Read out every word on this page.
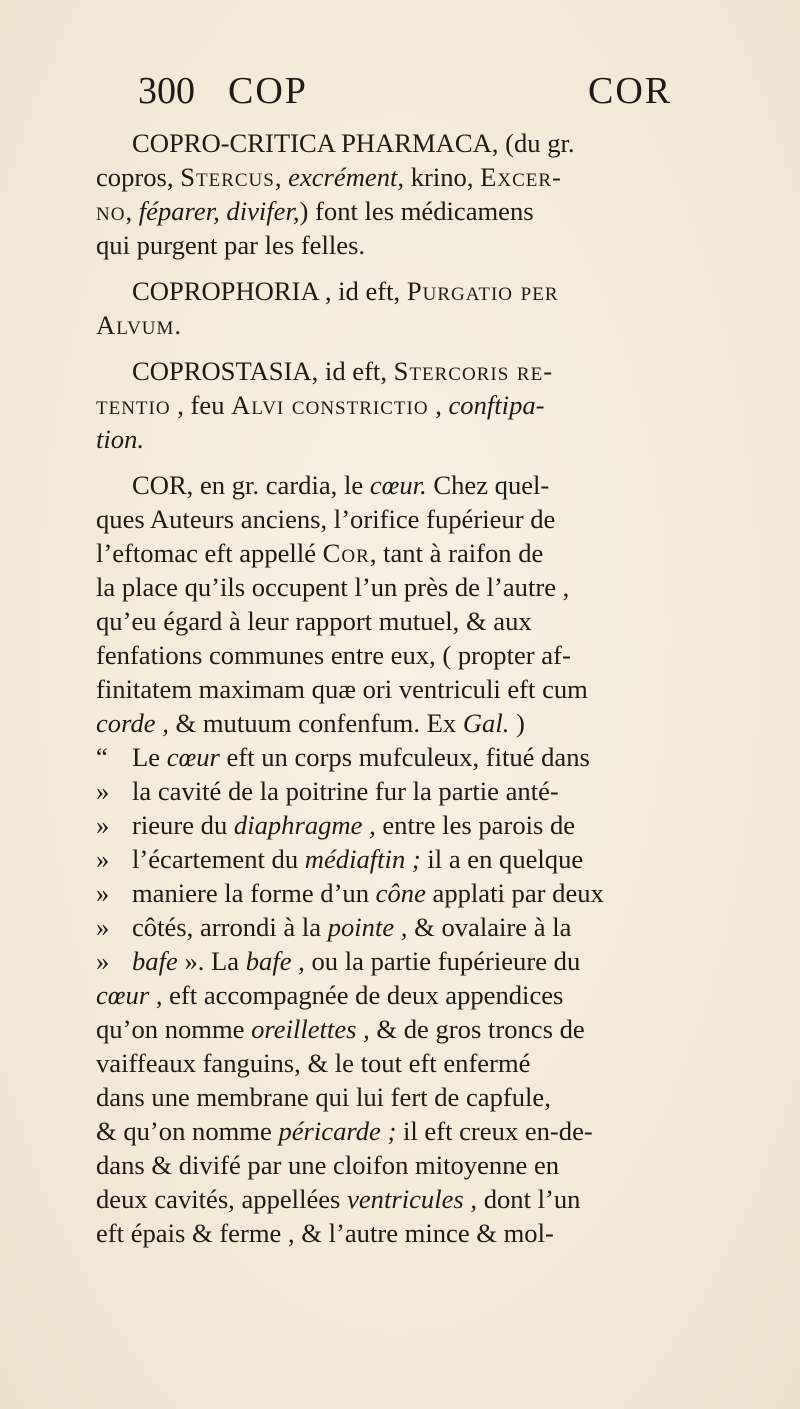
300 COP	COR
COPRO-CRITICA PHARMACA, (du gr.
copros, Stercus, excrément, krino, Excer-
no, féparer, divifer,) font les médicamens
qui purgent par les felles.
COPROPHORIA , id eft, Purgatio per
Alvum.
COPROSTASIA, id eft, Stercoris re-
tentio , feu Alvi constrictio , conftipa-
tion.
COR, en gr. cardia, le cœur. Chez quel-
ques Auteurs anciens, l’orifice fupérieur de
l’eftomac eft appellé Cor, tant à raifon de
la place qu’ils occupent l’un près de l’autre ,
qu’eu égard à leur rapport mutuel, & aux
fenfations communes entre eux, ( propter af-
finitatem maximam quæ ori ventriculi eft cum
corde , & mutuum confenfum. Ex Gal. )
“ Le cœur eft un corps mufculeux, fitué dans
» la cavité de la poitrine fur la partie anté-
» rieure du diaphragme , entre les parois de
» l’écartement du médiaftin ; il a en quelque
» maniere la forme d’un cône applati par deux
» côtés, arrondi à la pointe , & ovalaire à la
» bafe ». La bafe , ou la partie fupérieure du
cœur , eft accompagnée de deux appendices
qu’on nomme oreillettes , & de gros troncs de
vaiffeaux fanguins, & le tout eft enfermé
dans une membrane qui lui fert de capfule,
& qu’on nomme péricarde ; il eft creux en-de-
dans & divifé par une cloifon mitoyenne en
deux cavités, appellées ventricules , dont l’un
eft épais & ferme , & l’autre mince & mol-
